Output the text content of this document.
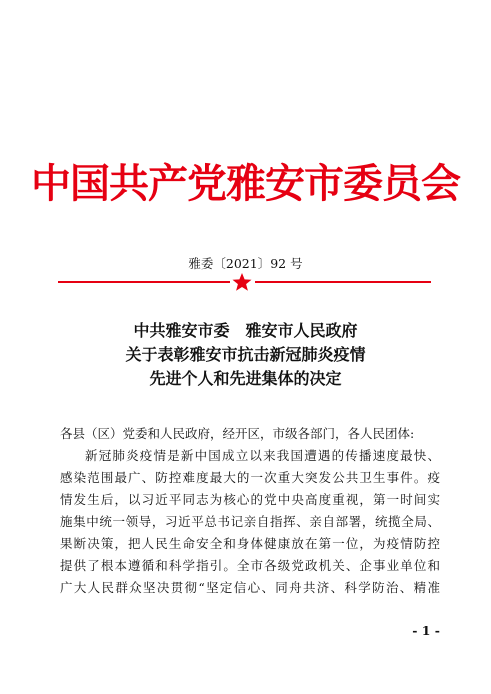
中国共产党雅安市委员会
雅委〔2021〕92 号
中共雅安市委　雅安市人民政府
关于表彰雅安市抗击新冠肺炎疫情
先进个人和先进集体的决定
各县（区）党委和人民政府，经开区，市级各部门，各人民团体:
新冠肺炎疫情是新中国成立以来我国遭遇的传播速度最快、
感染范围最广、防控难度最大的一次重大突发公共卫生事件。疫
情发生后，以习近平同志为核心的党中央高度重视，第一时间实
施集中统一领导，习近平总书记亲自指挥、亲自部署，统揽全局、
果断决策，把人民生命安全和身体健康放在第一位，为疫情防控
提供了根本遵循和科学指引。全市各级党政机关、企事业单位和
广大人民群众坚决贯彻“坚定信心、同舟共济、科学防治、精准
- 1 -
